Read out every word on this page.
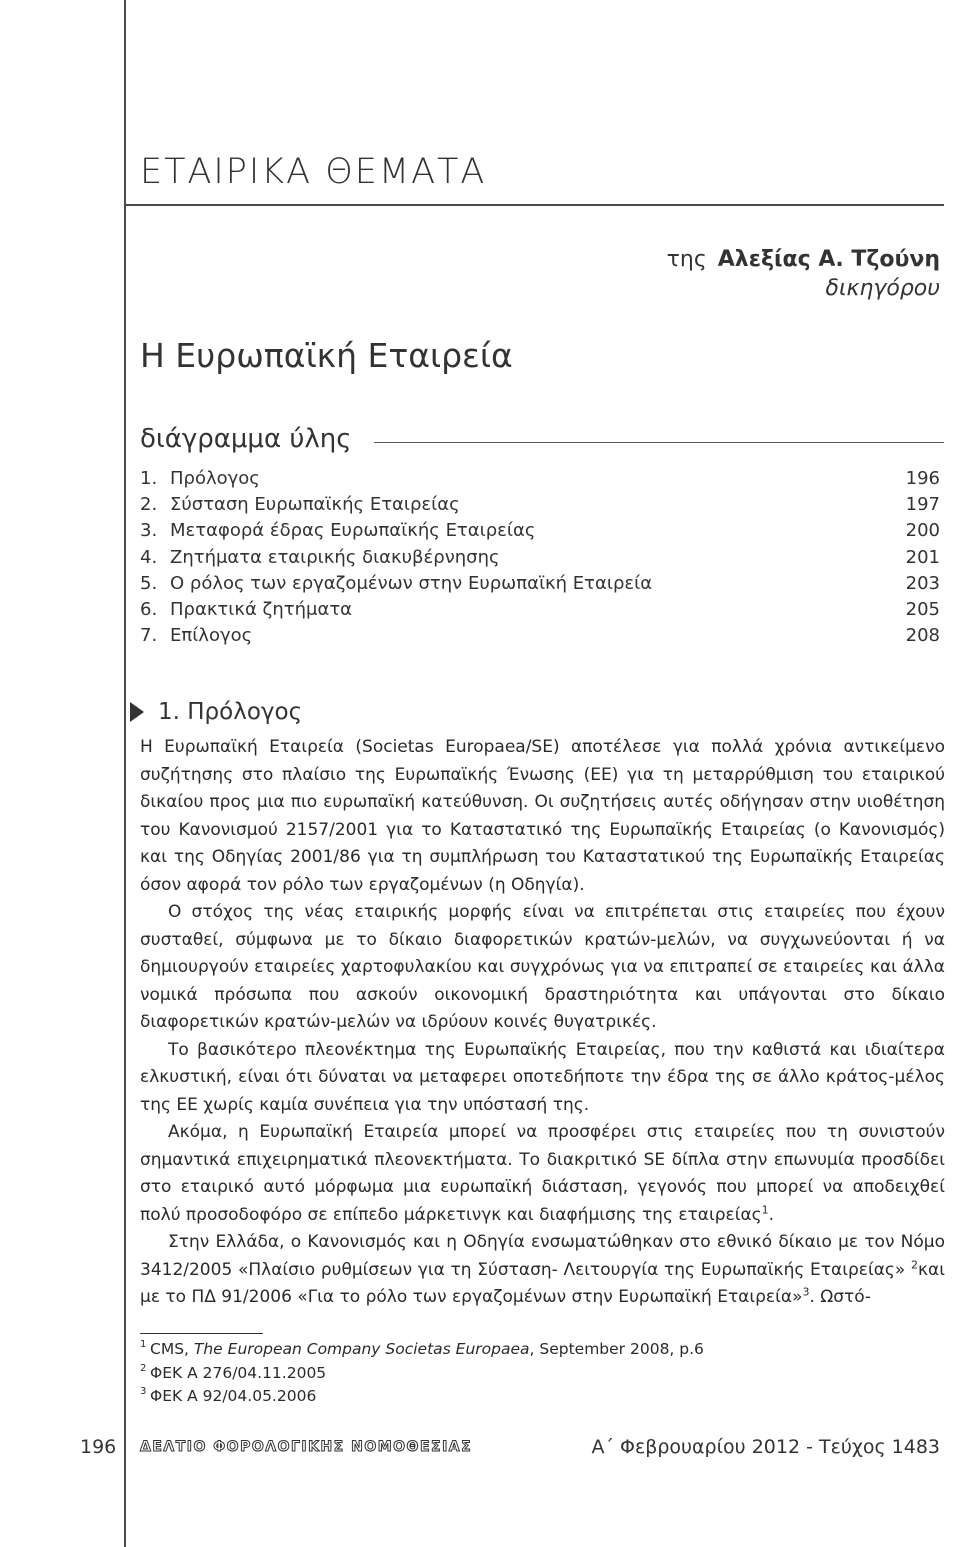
ΕΤΑΙΡΙΚΑ ΘΕΜΑΤΑ
της Αλεξίας Α. Τζούνη
δικηγόρου
Η Ευρωπαϊκή Εταιρεία
διάγραμμα ύλης
1. Πρόλογος	196
2. Σύσταση Ευρωπαϊκής Εταιρείας	197
3. Μεταφορά έδρας Ευρωπαϊκής Εταιρείας	200
4. Ζητήματα εταιρικής διακυβέρνησης	201
5. Ο ρόλος των εργαζομένων στην Ευρωπαϊκή Εταιρεία	203
6. Πρακτικά ζητήματα	205
7. Επίλογος	208
1. Πρόλογος

Η Ευρωπαϊκή Εταιρεία (Societas Europaea/SE) αποτέλεσε για πολλά χρόνια αντικείμενο συζήτησης στο πλαίσιο της Ευρωπαϊκής Ένωσης (ΕΕ) για τη μεταρρύθμιση του εταιρικού δικαίου προς μια πιο ευρωπαϊκή κατεύθυνση. Οι συζητήσεις αυτές οδήγησαν στην υιοθέτηση του Κανονισμού 2157/2001 για το Καταστατικό της Ευρωπαϊκής Εταιρείας (ο Κανονισμός) και της Οδηγίας 2001/86 για τη συμπλήρωση του Καταστατικού της Ευρωπαϊκής Εταιρείας όσον αφορά τον ρόλο των εργαζομένων (η Οδηγία).

Ο στόχος της νέας εταιρικής μορφής είναι να επιτρέπεται στις εταιρείες που έχουν συσταθεί, σύμφωνα με το δίκαιο διαφορετικών κρατών-μελών, να συγχωνεύονται ή να δημιουργούν εταιρείες χαρτοφυλακίου και συγχρόνως για να επιτραπεί σε εταιρείες και άλλα νομικά πρόσωπα που ασκούν οικονομική δραστηριότητα και υπάγονται στο δίκαιο διαφορετικών κρατών-μελών να ιδρύουν κοινές θυγατρικές.

Το βασικότερο πλεονέκτημα της Ευρωπαϊκής Εταιρείας, που την καθιστά και ιδιαίτερα ελκυστική, είναι ότι δύναται να μεταφερει οποτεδήποτε την έδρα της σε άλλο κράτος-μέλος της ΕΕ χωρίς καμία συνέπεια για την υπόστασή της.

Ακόμα, η Ευρωπαϊκή Εταιρεία μπορεί να προσφέρει στις εταιρείες που τη συνιστούν σημαντικά επιχειρηματικά πλεονεκτήματα. Το διακριτικό SE δίπλα στην επωνυμία προσδίδει στο εταιρικό αυτό μόρφωμα μια ευρωπαϊκή διάσταση, γεγονός που μπορεί να αποδειχθεί πολύ προσοδοφόρο σε επίπεδο μάρκετινγκ και διαφήμισης της εταιρείας$^1$.

Στην Ελλάδα, ο Κανονισμός και η Οδηγία ενσωματώθηκαν στο εθνικό δίκαιο με τον Νόμο 3412/2005 «Πλαίσιο ρυθμίσεων για τη Σύσταση- Λειτουργία της Ευρωπαϊκής Εταιρείας» $^2$και με το ΠΔ 91/2006 «Για το ρόλο των εργαζομένων στην Ευρωπαϊκή Εταιρεία»$^3$. Ωστό-

1 CMS, The European Company Societas Europaea, September 2008, p.6
2 ΦΕΚ Α 276/04.11.2005
3 ΦΕΚ Α 92/04.05.2006
196 ΔΕΛΤΙΟ ΦΟΡΟΛΟΓΙΚΗΣ ΝΟΜΟΘΕΣΙΑΣ	Α΄ Φεβρουαρίου 2012 - Τεύχος 1483
